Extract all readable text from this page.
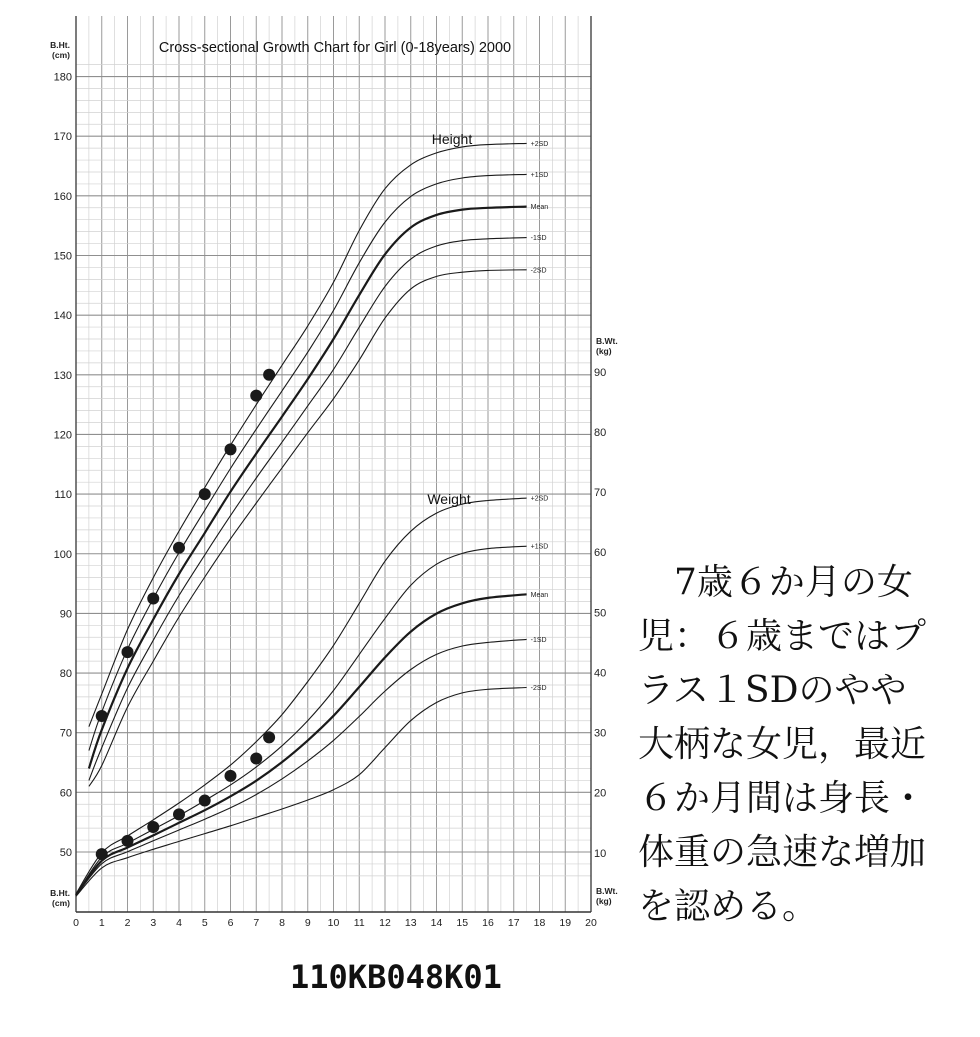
Cross-sectional Growth Chart for Girl (0-18years) 2000
50
60
70
80
90
100
110
120
130
140
150
160
170
180
10
20
30
40
50
60
70
80
90
0 1 2 3 4 5 6 7 8 9 10 11 12 13 14 15 16 17 18 19 20
B.Ht.
(cm)
B.Ht.
(cm)
B.Wt.
(kg)
B.Wt.
(kg)
+2SD
+1SD
Mean
-1SD
-2SD
+2SD
+1SD
Mean
-1SD
-2SD
Height
Weight
　7歳６か月の女
児：６歳まではプ
ラス１SDのやや
大柄な女児，最近
６か月間は身長・
体重の急速な増加
を認める。
110KB048K01
